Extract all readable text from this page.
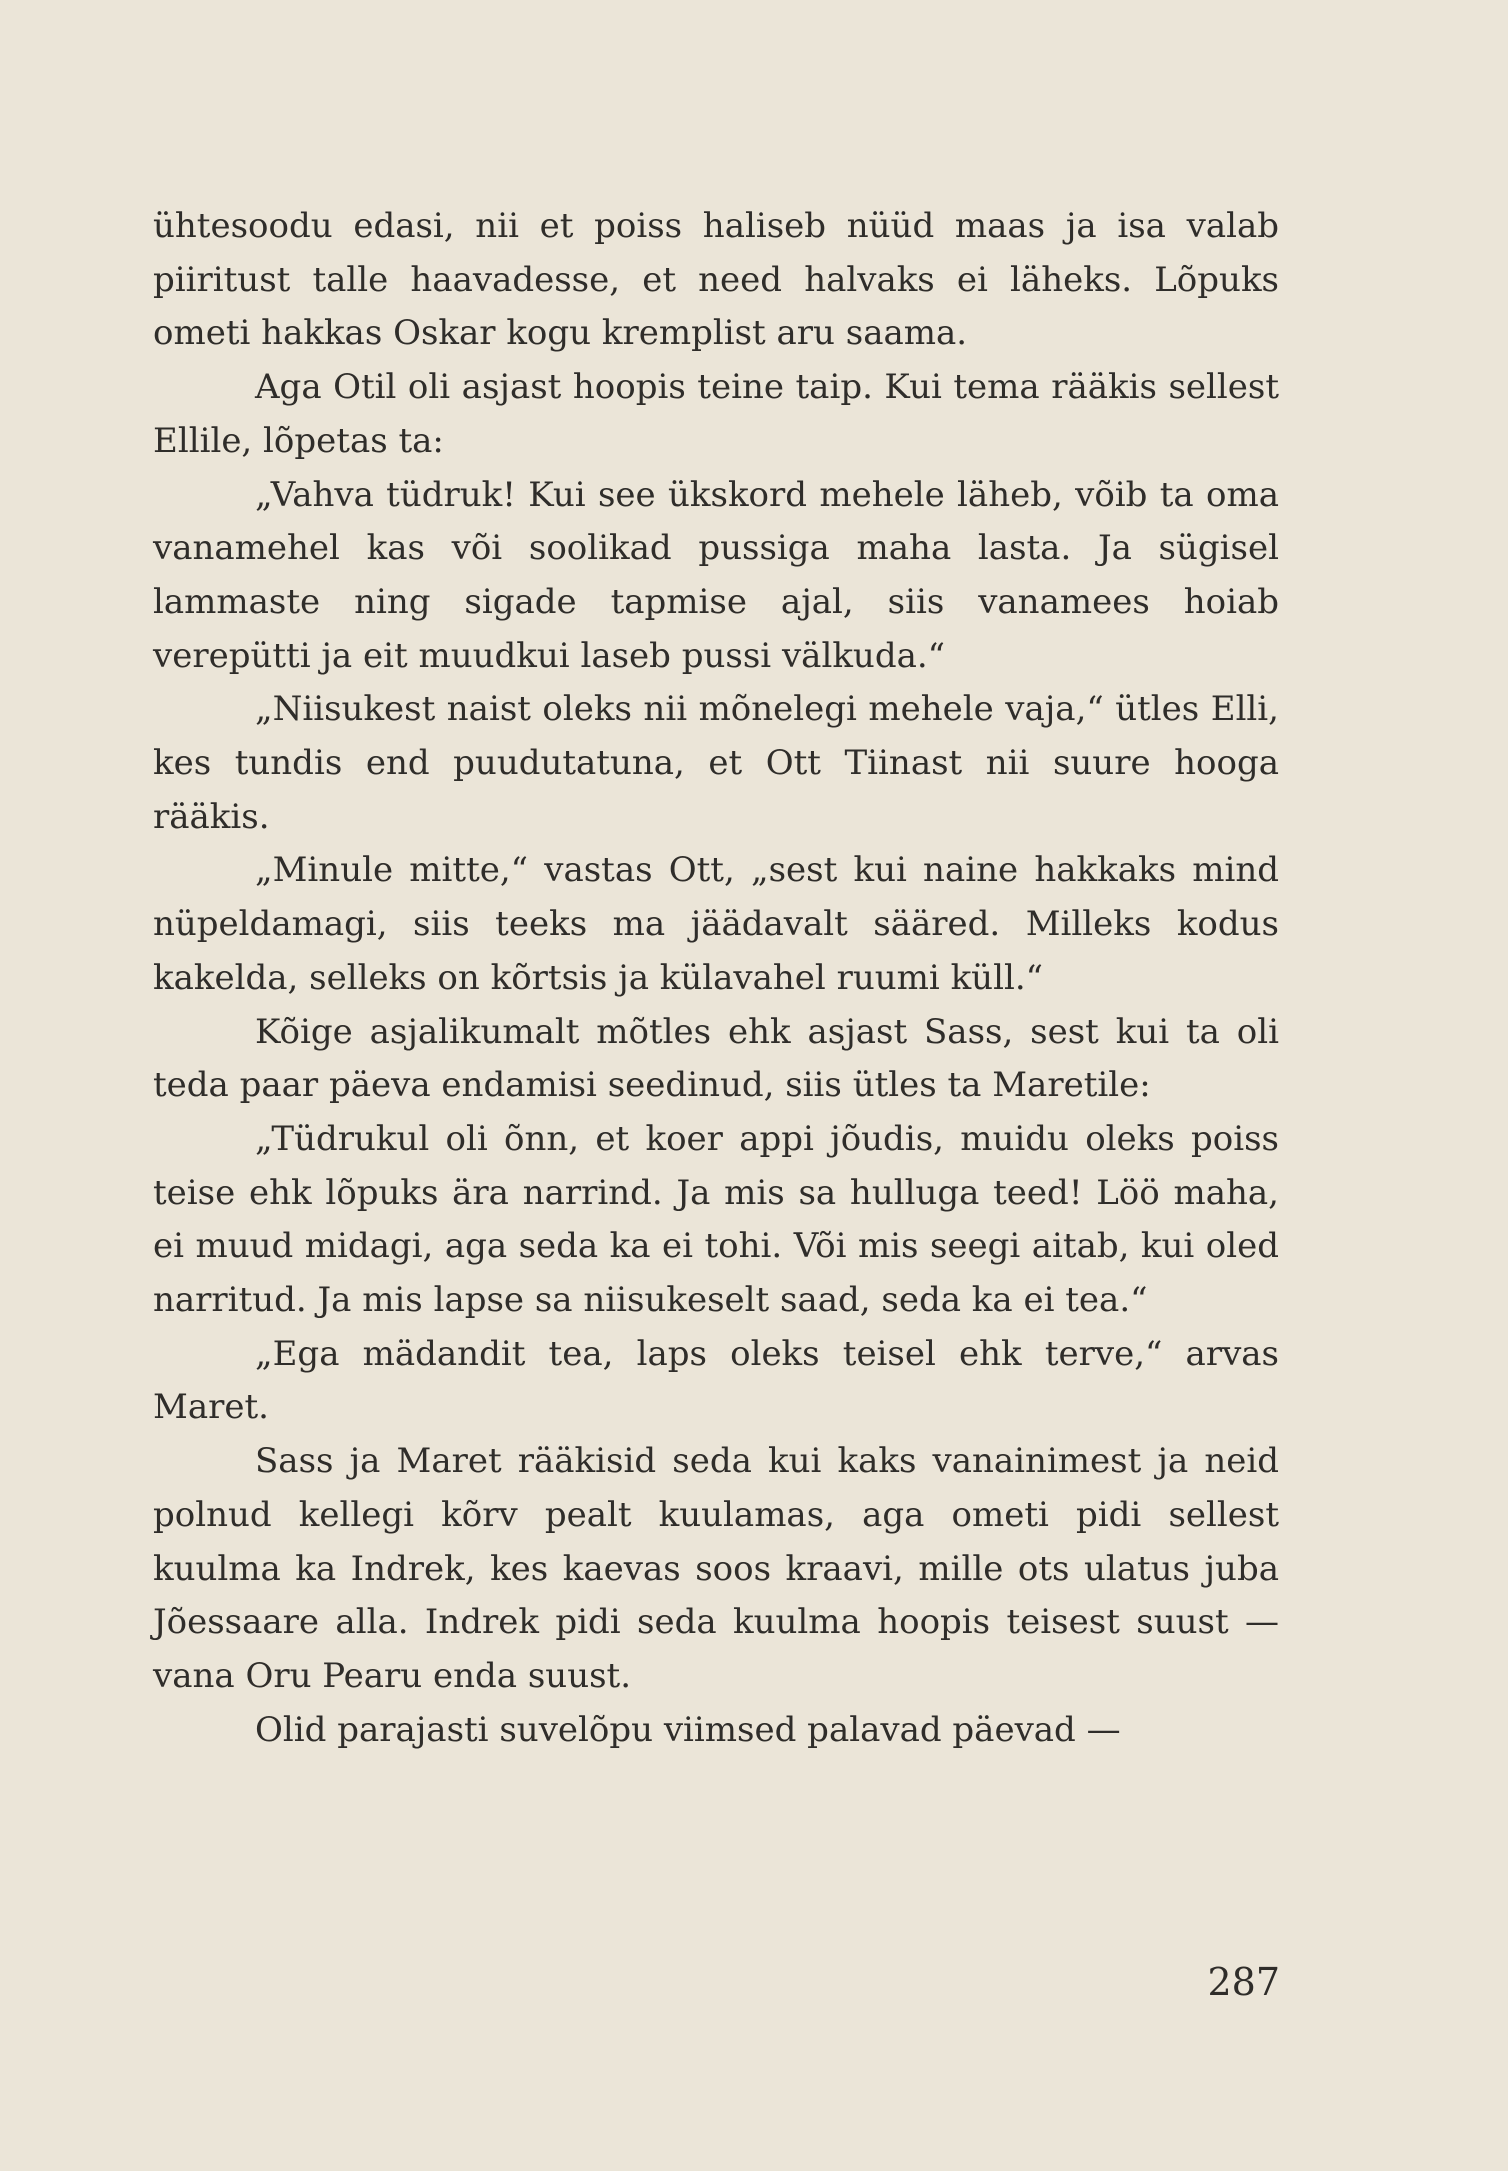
ühtesoodu edasi, nii et poiss haliseb nüüd maas ja isa valab piiritust talle haavadesse, et need halvaks ei läheks. Lõpuks ometi hakkas Oskar kogu kremplist aru saama.

Aga Otil oli asjast hoopis teine taip. Kui tema rääkis sellest Ellile, lõpetas ta:

„Vahva tüdruk! Kui see ükskord mehele läheb, võib ta oma vanamehel kas või soolikad pussiga maha lasta. Ja sügisel lammaste ning sigade tapmise ajal, siis vanamees hoiab verepütti ja eit muudkui laseb pussi välkuda.“

„Niisukest naist oleks nii mõnelegi mehele vaja,“ ütles Elli, kes tundis end puudutatuna, et Ott Tiinast nii suure hooga rääkis.

„Minule mitte,“ vastas Ott, „sest kui naine hakkaks mind nüpeldamagi, siis teeks ma jäädavalt sääred. Milleks kodus kakelda, selleks on kõrtsis ja külavahel ruumi küll.“

Kõige asjalikumalt mõtles ehk asjast Sass, sest kui ta oli teda paar päeva endamisi seedinud, siis ütles ta Maretile:

„Tüdrukul oli õnn, et koer appi jõudis, muidu oleks poiss teise ehk lõpuks ära narrind. Ja mis sa hulluga teed! Löö maha, ei muud midagi, aga seda ka ei tohi. Või mis seegi aitab, kui oled narritud. Ja mis lapse sa niisukeselt saad, seda ka ei tea.“

„Ega mädandit tea, laps oleks teisel ehk terve,“ arvas Maret.

Sass ja Maret rääkisid seda kui kaks vanainimest ja neid polnud kellegi kõrv pealt kuulamas, aga ometi pidi sellest kuulma ka Indrek, kes kaevas soos kraavi, mille ots ulatus juba Jõessaare alla. Indrek pidi seda kuulma hoopis teisest suust — vana Oru Pearu enda suust.

Olid parajasti suvelõpu viimsed palavad päevad —

287
